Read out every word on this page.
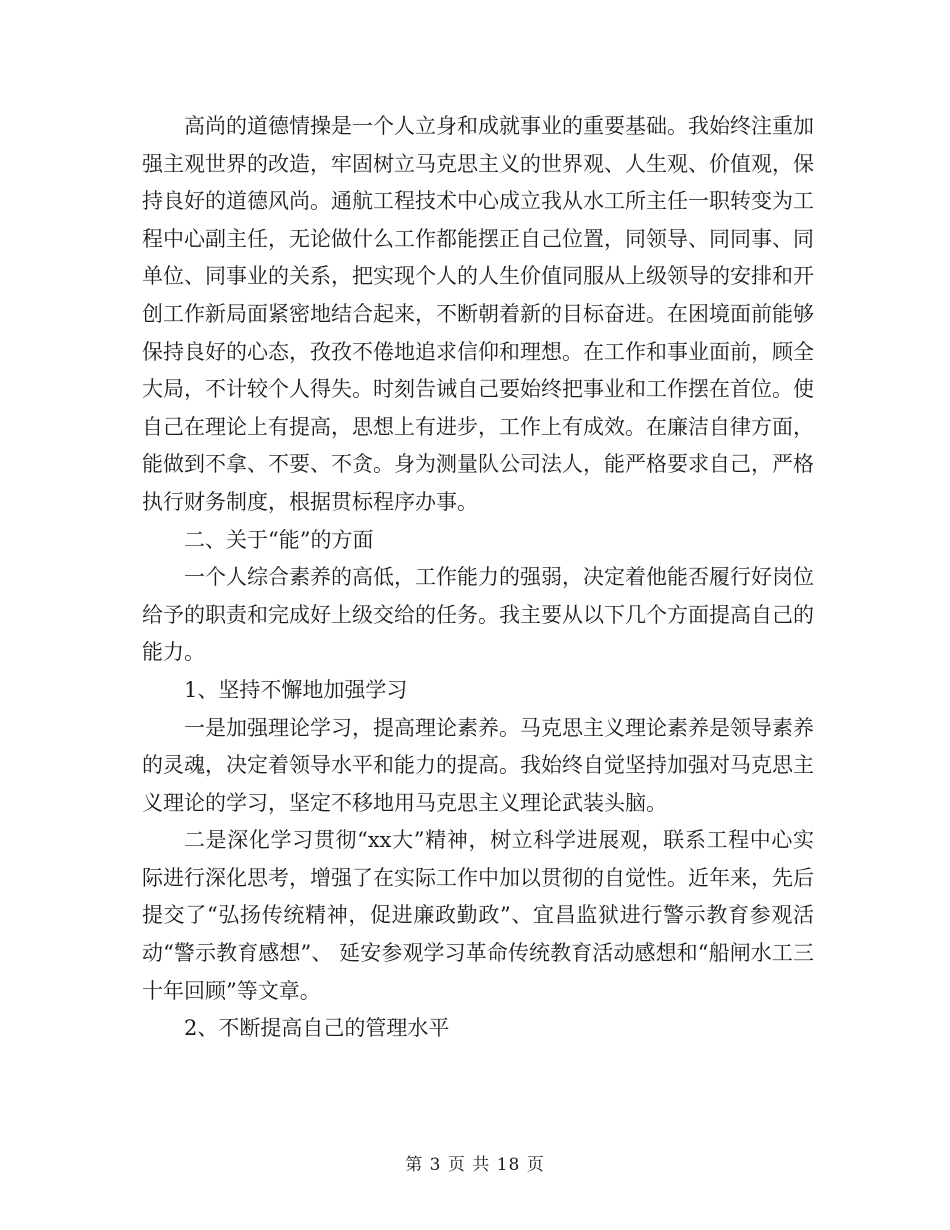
高尚的道德情操是一个人立身和成就事业的重要基础。我始终注重加强主观世界的改造，牢固树立马克思主义的世界观、人生观、价值观，保持良好的道德风尚。通航工程技术中心成立我从水工所主任一职转变为工程中心副主任，无论做什么工作都能摆正自己位置，同领导、同同事、同单位、同事业的关系，把实现个人的人生价值同服从上级领导的安排和开创工作新局面紧密地结合起来，不断朝着新的目标奋进。在困境面前能够保持良好的心态，孜孜不倦地追求信仰和理想。在工作和事业面前，顾全大局，不计较个人得失。时刻告诫自己要始终把事业和工作摆在首位。使自己在理论上有提高，思想上有进步，工作上有成效。在廉洁自律方面，能做到不拿、不要、不贪。身为测量队公司法人，能严格要求自己，严格执行财务制度，根据贯标程序办事。

二、关于“能”的方面

一个人综合素养的高低，工作能力的强弱，决定着他能否履行好岗位给予的职责和完成好上级交给的任务。我主要从以下几个方面提高自己的能力。

1、坚持不懈地加强学习

一是加强理论学习，提高理论素养。马克思主义理论素养是领导素养的灵魂，决定着领导水平和能力的提高。我始终自觉坚持加强对马克思主义理论的学习，坚定不移地用马克思主义理论武装头脑。

二是深化学习贯彻“xx大”精神，树立科学进展观，联系工程中心实际进行深化思考，增强了在实际工作中加以贯彻的自觉性。近年来，先后提交了“弘扬传统精神，促进廉政勤政”、宜昌监狱进行警示教育参观活动“警示教育感想”、 延安参观学习革命传统教育活动感想和“船闸水工三十年回顾”等文章。

2、不断提高自己的管理水平

第 3 页 共 18 页
